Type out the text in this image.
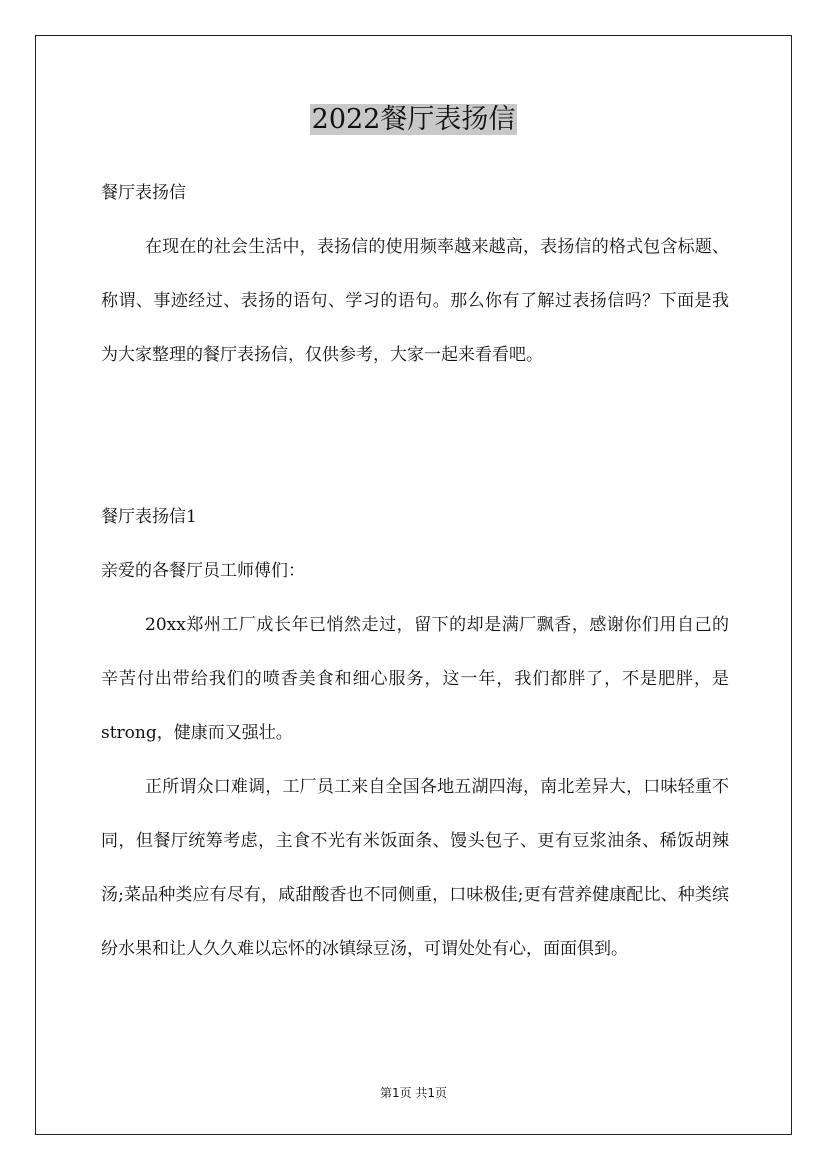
2022餐厅表扬信

餐厅表扬信

在现在的社会生活中，表扬信的使用频率越来越高，表扬信的格式包含标题、称谓、事迹经过、表扬的语句、学习的语句。那么你有了解过表扬信吗？下面是我为大家整理的餐厅表扬信，仅供参考，大家一起来看看吧。

餐厅表扬信1

亲爱的各餐厅员工师傅们：

20xx郑州工厂成长年已悄然走过，留下的却是满厂飘香，感谢你们用自己的辛苦付出带给我们的喷香美食和细心服务，这一年，我们都胖了，不是肥胖，是strong，健康而又强壮。

正所谓众口难调，工厂员工来自全国各地五湖四海，南北差异大，口味轻重不同，但餐厅统筹考虑，主食不光有米饭面条、馒头包子、更有豆浆油条、稀饭胡辣汤;菜品种类应有尽有，咸甜酸香也不同侧重，口味极佳;更有营养健康配比、种类缤纷水果和让人久久难以忘怀的冰镇绿豆汤，可谓处处有心，面面俱到。

第1页 共1页
